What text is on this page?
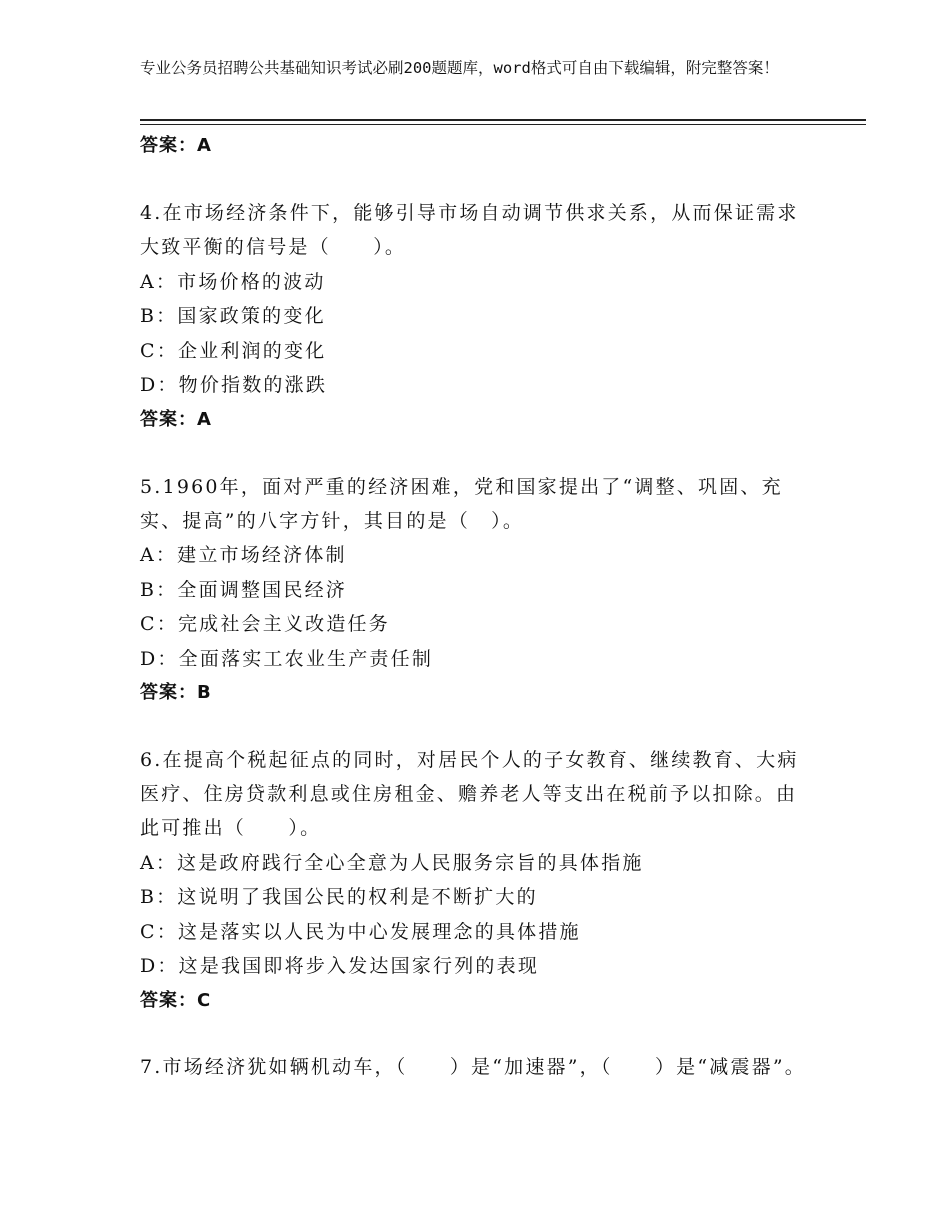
专业公务员招聘公共基础知识考试必刷200题题库，word格式可自由下载编辑，附完整答案！
答案：A
4.在市场经济条件下，能够引导市场自动调节供求关系，从而保证需求大致平衡的信号是（　　）。
A：市场价格的波动
B：国家政策的变化
C：企业利润的变化
D：物价指数的涨跌
答案：A
5.1960年，面对严重的经济困难，党和国家提出了“调整、巩固、充实、提高”的八字方针，其目的是（　）。
A：建立市场经济体制
B：全面调整国民经济
C：完成社会主义改造任务
D：全面落实工农业生产责任制
答案：B
6.在提高个税起征点的同时，对居民个人的子女教育、继续教育、大病医疗、住房贷款利息或住房租金、赡养老人等支出在税前予以扣除。由此可推出（　　）。
A：这是政府践行全心全意为人民服务宗旨的具体指施
B：这说明了我国公民的权利是不断扩大的
C：这是落实以人民为中心发展理念的具体措施
D：这是我国即将步入发达国家行列的表现
答案：C
7.市场经济犹如辆机动车，（　　）是“加速器”，（　　）是“减震器”。
